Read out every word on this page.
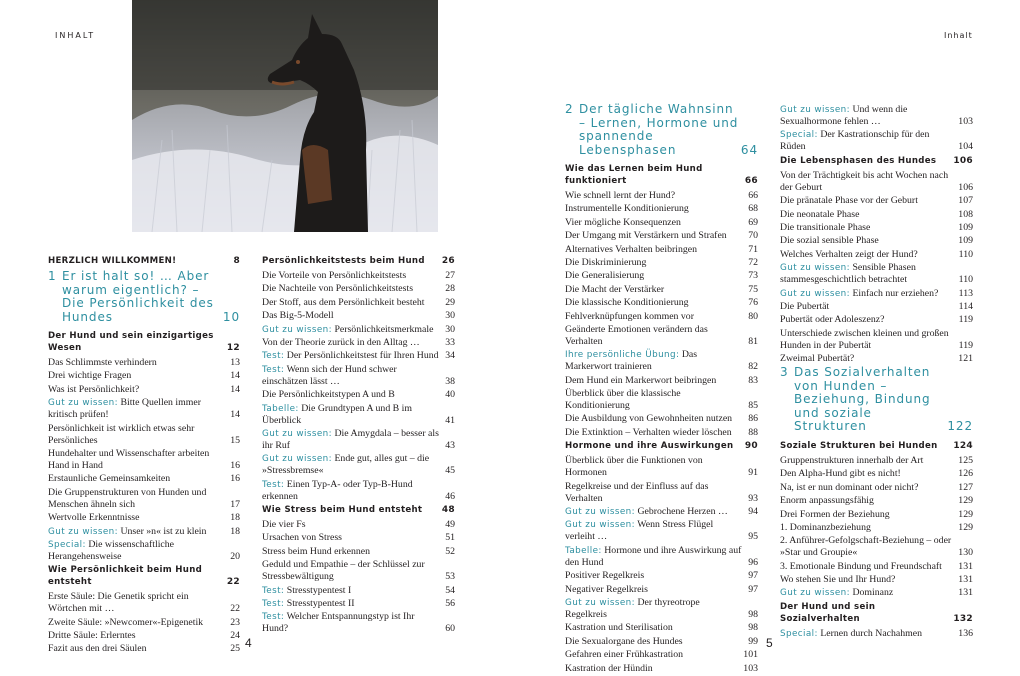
INHALT	Inhalt
HERZLICH WILLKOMMEN!	8
1 Er ist halt so! … Aber warum eigentlich? – Die Persönlichkeit des Hundes	10
Der Hund und sein einzigartiges Wesen	12
Das Schlimmste verhindern	13
Drei wichtige Fragen	14
Was ist Persönlichkeit?	14
Gut zu wissen: Bitte Quellen immer kritisch prüfen!	14
Persönlichkeit ist wirklich etwas sehr Persönliches	15
Hundehalter und Wissenschafter arbeiten Hand in Hand	16
Erstaunliche Gemeinsamkeiten	16
Die Gruppenstrukturen von Hunden und Menschen ähneln sich	17
Wertvolle Erkenntnisse	18
Gut zu wissen: Unser »n« ist zu klein	18
Special: Die wissenschaftliche Herangehensweise	20
Wie Persönlichkeit beim Hund entsteht	22
Erste Säule: Die Genetik spricht ein Wörtchen mit …	22
Zweite Säule: »Newcomer«-Epigenetik	23
Dritte Säule: Erlerntes	24
Fazit aus den drei Säulen	25
Persönlichkeitstests beim Hund	26
Die Vorteile von Persönlichkeitstests	27
Die Nachteile von Persönlichkeitstests	28
Der Stoff, aus dem Persönlichkeit besteht	29
Das Big-5-Modell	30
Gut zu wissen: Persönlichkeitsmerkmale	30
Von der Theorie zurück in den Alltag …	33
Test: Der Persönlichkeitstest für Ihren Hund 34
Test: Wenn sich der Hund schwer einschätzen lässt …	38
Die Persönlichkeitstypen A und B	40
Tabelle: Die Grundtypen A und B im Überblick	41
Gut zu wissen: Die Amygdala – besser als ihr Ruf	43
Gut zu wissen: Ende gut, alles gut – die »Stressbremse«	45
Test: Einen Typ-A- oder Typ-B-Hund erkennen	46
Wie Stress beim Hund entsteht	48
Die vier Fs	49
Ursachen von Stress	51
Stress beim Hund erkennen	52
Geduld und Empathie – der Schlüssel zur Stressbewältigung	53
Test: Stresstypentest I	54
Test: Stresstypentest II	56
Test: Welcher Entspannungstyp ist Ihr Hund?	60
2 Der tägliche Wahnsinn – Lernen, Hormone und spannende Lebensphasen	64
Wie das Lernen beim Hund funktioniert	66
Wie schnell lernt der Hund?	66
Instrumentelle Konditionierung	68
Vier mögliche Konsequenzen	69
Der Umgang mit Verstärkern und Strafen	70
Alternatives Verhalten beibringen	71
Die Diskriminierung	72
Die Generalisierung	73
Die Macht der Verstärker	75
Die klassische Konditionierung	76
Fehlverknüpfungen kommen vor	80
Geänderte Emotionen verändern das Verhalten	81
Ihre persönliche Übung: Das Markerwort trainieren	82
Dem Hund ein Markerwort beibringen	83
Überblick über die klassische Konditionierung	85
Die Ausbildung von Gewohnheiten nutzen	86
Die Extinktion – Verhalten wieder löschen	88
Hormone und ihre Auswirkungen	90
Überblick über die Funktionen von Hormonen	91
Regelkreise und der Einfluss auf das Verhalten	93
Gut zu wissen: Gebrochene Herzen …	94
Gut zu wissen: Wenn Stress Flügel verleiht …	95
Tabelle: Hormone und ihre Auswirkung auf den Hund	96
Positiver Regelkreis	97
Negativer Regelkreis	97
Gut zu wissen: Der thyreotrope Regelkreis	98
Kastration und Sterilisation	98
Die Sexualorgane des Hundes	99
Gefahren einer Frühkastration	101
Kastration der Hündin	103
Gut zu wissen: Und wenn die Sexualhormone fehlen …	103
Special: Der Kastrationschip für den Rüden	104
Die Lebensphasen des Hundes	106
Von der Trächtigkeit bis acht Wochen nach der Geburt	106
Die pränatale Phase vor der Geburt	107
Die neonatale Phase	108
Die transitionale Phase	109
Die sozial sensible Phase	109
Welches Verhalten zeigt der Hund?	110
Gut zu wissen: Sensible Phasen stammesgeschichtlich betrachtet	110
Gut zu wissen: Einfach nur erziehen?	113
Die Pubertät	114
Pubertät oder Adoleszenz?	119
Unterschiede zwischen kleinen und großen Hunden in der Pubertät	119
Zweimal Pubertät?	121
3 Das Sozialverhalten von Hunden – Beziehung, Bindung und soziale Strukturen	122
Soziale Strukturen bei Hunden	124
Gruppenstrukturen innerhalb der Art	125
Den Alpha-Hund gibt es nicht!	126
Na, ist er nun dominant oder nicht?	127
Enorm anpassungsfähig	129
Drei Formen der Beziehung	129
1. Dominanzbeziehung	129
2. Anführer-Gefolgschaft-Beziehung – oder »Star und Groupie«	130
3. Emotionale Bindung und Freundschaft	131
Wo stehen Sie und Ihr Hund?	131
Gut zu wissen: Dominanz	131
Der Hund und sein Sozialverhalten	132
Special: Lernen durch Nachahmen	136
4	5
